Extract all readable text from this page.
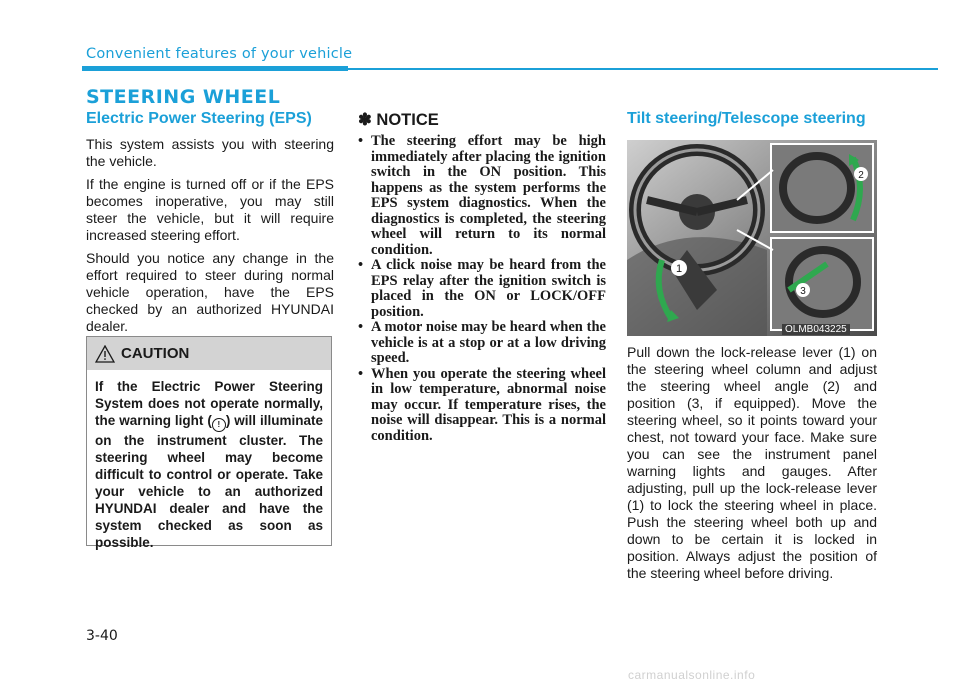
Convenient features of your vehicle
STEERING WHEEL
Electric Power Steering (EPS)

This system assists you with steering the vehicle.

If the engine is turned off or if the EPS becomes inoperative, you may still steer the vehicle, but it will require increased steering effort.

Should you notice any change in the effort required to steer during normal vehicle operation, have the EPS checked by an authorized HYUNDAI dealer.

CAUTION
If the Electric Power Steering System does not operate normally, the warning light ( ! ) will illuminate on the instrument cluster. The steering wheel may become difficult to control or operate. Take your vehicle to an authorized HYUNDAI dealer and have the system checked as soon as possible.
✽ NOTICE
• The steering effort may be high immediately after placing the ignition switch in the ON position. This happens as the system performs the EPS system diagnostics. When the diagnostics is completed, the steering wheel will return to its normal condition.
• A click noise may be heard from the EPS relay after the ignition switch is placed in the ON or LOCK/OFF position.
• A motor noise may be heard when the vehicle is at a stop or at a low driving speed.
• When you operate the steering wheel in low temperature, abnormal noise may occur. If temperature rises, the noise will disappear. This is a normal condition.
Tilt steering/Telescope steering
1
2
3
OLMB043225

Pull down the lock-release lever (1) on the steering wheel column and adjust the steering wheel angle (2) and position (3, if equipped). Move the steering wheel, so it points toward your chest, not toward your face. Make sure you can see the instrument panel warning lights and gauges. After adjusting, pull up the lock-release lever (1) to lock the steering wheel in place. Push the steering wheel both up and down to be certain it is locked in position. Always adjust the position of the steering wheel before driving.

3-40
carmanualsonline.info
